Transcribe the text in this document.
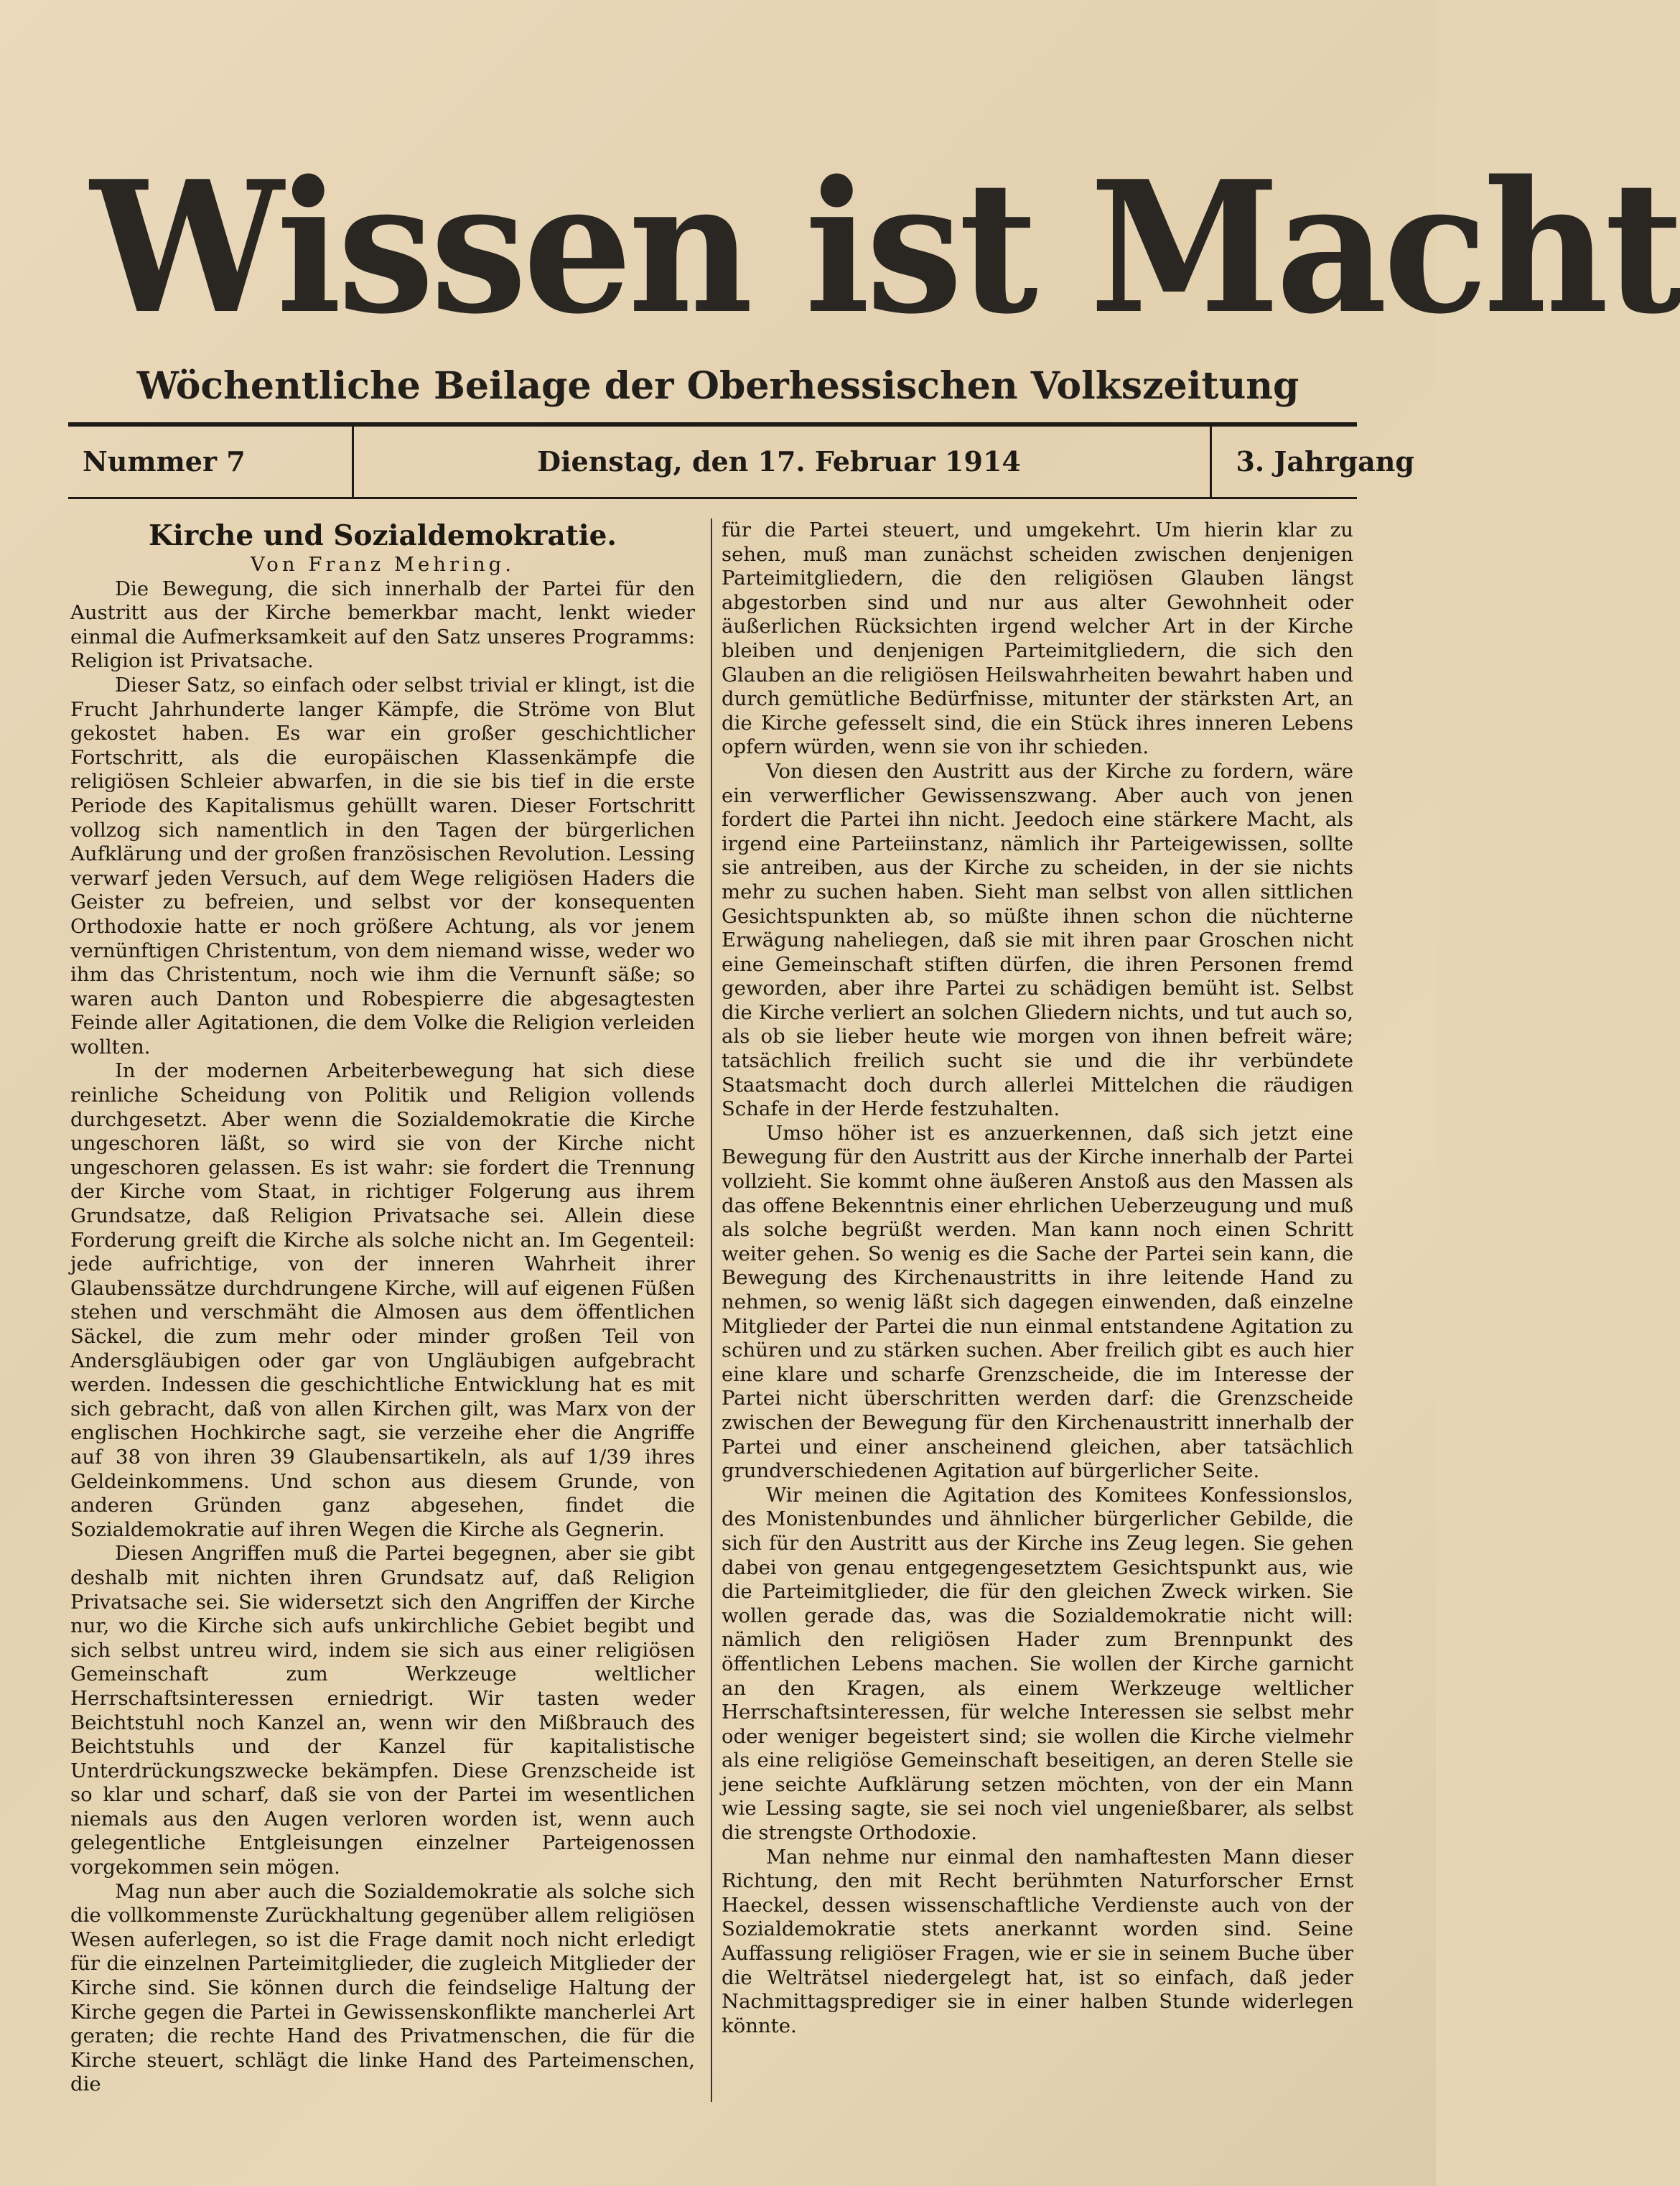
Wissen ist Macht
Wöchentliche Beilage der Oberhessischen Volkszeitung
Nummer 7	Dienstag, den 17. Februar 1914	3. Jahrgang
Kirche und Sozialdemokratie.
Von Franz Mehring.

Die Bewegung, die sich innerhalb der Partei für den Austritt aus der Kirche bemerkbar macht, lenkt wieder einmal die Aufmerksamkeit auf den Satz unseres Programms: Religion ist Privatsache.

Dieser Satz, so einfach oder selbst trivial er klingt, ist die Frucht Jahrhunderte langer Kämpfe, die Ströme von Blut gekostet haben. Es war ein großer geschichtlicher Fortschritt, als die europäischen Klassenkämpfe die religiösen Schleier abwarfen, in die sie bis tief in die erste Periode des Kapitalismus gehüllt waren. Dieser Fortschritt vollzog sich namentlich in den Tagen der bürgerlichen Aufklärung und der großen französischen Revolution. Lessing verwarf jeden Versuch, auf dem Wege religiösen Haders die Geister zu befreien, und selbst vor der konsequenten Orthodoxie hatte er noch größere Achtung, als vor jenem vernünftigen Christentum, von dem niemand wisse, weder wo ihm das Christentum, noch wie ihm die Vernunft säße; so waren auch Danton und Robespierre die abgesagtesten Feinde aller Agitationen, die dem Volke die Religion verleiden wollten.

In der modernen Arbeiterbewegung hat sich diese reinliche Scheidung von Politik und Religion vollends durchgesetzt. Aber wenn die Sozialdemokratie die Kirche ungeschoren läßt, so wird sie von der Kirche nicht ungeschoren gelassen. Es ist wahr: sie fordert die Trennung der Kirche vom Staat, in richtiger Folgerung aus ihrem Grundsatze, daß Religion Privatsache sei. Allein diese Forderung greift die Kirche als solche nicht an. Im Gegenteil: jede aufrichtige, von der inneren Wahrheit ihrer Glaubenssätze durchdrungene Kirche, will auf eigenen Füßen stehen und verschmäht die Almosen aus dem öffentlichen Säckel, die zum mehr oder minder großen Teil von Andersgläubigen oder gar von Ungläubigen aufgebracht werden. Indessen die geschichtliche Entwicklung hat es mit sich gebracht, daß von allen Kirchen gilt, was Marx von der englischen Hochkirche sagt, sie verzeihe eher die Angriffe auf 38 von ihren 39 Glaubensartikeln, als auf 1/39 ihres Geldeinkommens. Und schon aus diesem Grunde, von anderen Gründen ganz abgesehen, findet die Sozialdemokratie auf ihren Wegen die Kirche als Gegnerin.

Diesen Angriffen muß die Partei begegnen, aber sie gibt deshalb mit nichten ihren Grundsatz auf, daß Religion Privatsache sei. Sie widersetzt sich den Angriffen der Kirche nur, wo die Kirche sich aufs unkirchliche Gebiet begibt und sich selbst untreu wird, indem sie sich aus einer religiösen Gemeinschaft zum Werkzeuge weltlicher Herrschaftsinteressen erniedrigt. Wir tasten weder Beichtstuhl noch Kanzel an, wenn wir den Mißbrauch des Beichtstuhls und der Kanzel für kapitalistische Unterdrückungszwecke bekämpfen. Diese Grenzscheide ist so klar und scharf, daß sie von der Partei im wesentlichen niemals aus den Augen verloren worden ist, wenn auch gelegentliche Entgleisungen einzelner Parteigenossen vorgekommen sein mögen.

Mag nun aber auch die Sozialdemokratie als solche sich die vollkommenste Zurückhaltung gegenüber allem religiösen Wesen auferlegen, so ist die Frage damit noch nicht erledigt für die einzelnen Parteimitglieder, die zugleich Mitglieder der Kirche sind. Sie können durch die feindselige Haltung der Kirche gegen die Partei in Gewissenskonflikte mancherlei Art geraten; die rechte Hand des Privatmenschen, die für die Kirche steuert, schlägt die linke Hand des Parteimenschen, die

für die Partei steuert, und umgekehrt. Um hierin klar zu sehen, muß man zunächst scheiden zwischen denjenigen Parteimitgliedern, die den religiösen Glauben längst abgestorben sind und nur aus alter Gewohnheit oder äußerlichen Rücksichten irgend welcher Art in der Kirche bleiben und denjenigen Parteimitgliedern, die sich den Glauben an die religiösen Heilswahrheiten bewahrt haben und durch gemütliche Bedürfnisse, mitunter der stärksten Art, an die Kirche gefesselt sind, die ein Stück ihres inneren Lebens opfern würden, wenn sie von ihr schieden.

Von diesen den Austritt aus der Kirche zu fordern, wäre ein verwerflicher Gewissenszwang. Aber auch von jenen fordert die Partei ihn nicht. Jeedoch eine stärkere Macht, als irgend eine Parteiinstanz, nämlich ihr Parteigewissen, sollte sie antreiben, aus der Kirche zu scheiden, in der sie nichts mehr zu suchen haben. Sieht man selbst von allen sittlichen Gesichtspunkten ab, so müßte ihnen schon die nüchterne Erwägung naheliegen, daß sie mit ihren paar Groschen nicht eine Gemeinschaft stiften dürfen, die ihren Personen fremd geworden, aber ihre Partei zu schädigen bemüht ist. Selbst die Kirche verliert an solchen Gliedern nichts, und tut auch so, als ob sie lieber heute wie morgen von ihnen befreit wäre; tatsächlich freilich sucht sie und die ihr verbündete Staatsmacht doch durch allerlei Mittelchen die räudigen Schafe in der Herde festzuhalten.

Umso höher ist es anzuerkennen, daß sich jetzt eine Bewegung für den Austritt aus der Kirche innerhalb der Partei vollzieht. Sie kommt ohne äußeren Anstoß aus den Massen als das offene Bekenntnis einer ehrlichen Ueberzeugung und muß als solche begrüßt werden. Man kann noch einen Schritt weiter gehen. So wenig es die Sache der Partei sein kann, die Bewegung des Kirchenaustritts in ihre leitende Hand zu nehmen, so wenig läßt sich dagegen einwenden, daß einzelne Mitglieder der Partei die nun einmal entstandene Agitation zu schüren und zu stärken suchen. Aber freilich gibt es auch hier eine klare und scharfe Grenzscheide, die im Interesse der Partei nicht überschritten werden darf: die Grenzscheide zwischen der Bewegung für den Kirchenaustritt innerhalb der Partei und einer anscheinend gleichen, aber tatsächlich grundverschiedenen Agitation auf bürgerlicher Seite.

Wir meinen die Agitation des Komitees Konfessionslos, des Monistenbundes und ähnlicher bürgerlicher Gebilde, die sich für den Austritt aus der Kirche ins Zeug legen. Sie gehen dabei von genau entgegengesetztem Gesichtspunkt aus, wie die Parteimitglieder, die für den gleichen Zweck wirken. Sie wollen gerade das, was die Sozialdemokratie nicht will: nämlich den religiösen Hader zum Brennpunkt des öffentlichen Lebens machen. Sie wollen der Kirche garnicht an den Kragen, als einem Werkzeuge weltlicher Herrschaftsinteressen, für welche Interessen sie selbst mehr oder weniger begeistert sind; sie wollen die Kirche vielmehr als eine religiöse Gemeinschaft beseitigen, an deren Stelle sie jene seichte Aufklärung setzen möchten, von der ein Mann wie Lessing sagte, sie sei noch viel ungenießbarer, als selbst die strengste Orthodoxie.

Man nehme nur einmal den namhaftesten Mann dieser Richtung, den mit Recht berühmten Naturforscher Ernst Haeckel, dessen wissenschaftliche Verdienste auch von der Sozialdemokratie stets anerkannt worden sind. Seine Auffassung religiöser Fragen, wie er sie in seinem Buche über die Welträtsel niedergelegt hat, ist so einfach, daß jeder Nachmittagsprediger sie in einer halben Stunde widerlegen könnte.
